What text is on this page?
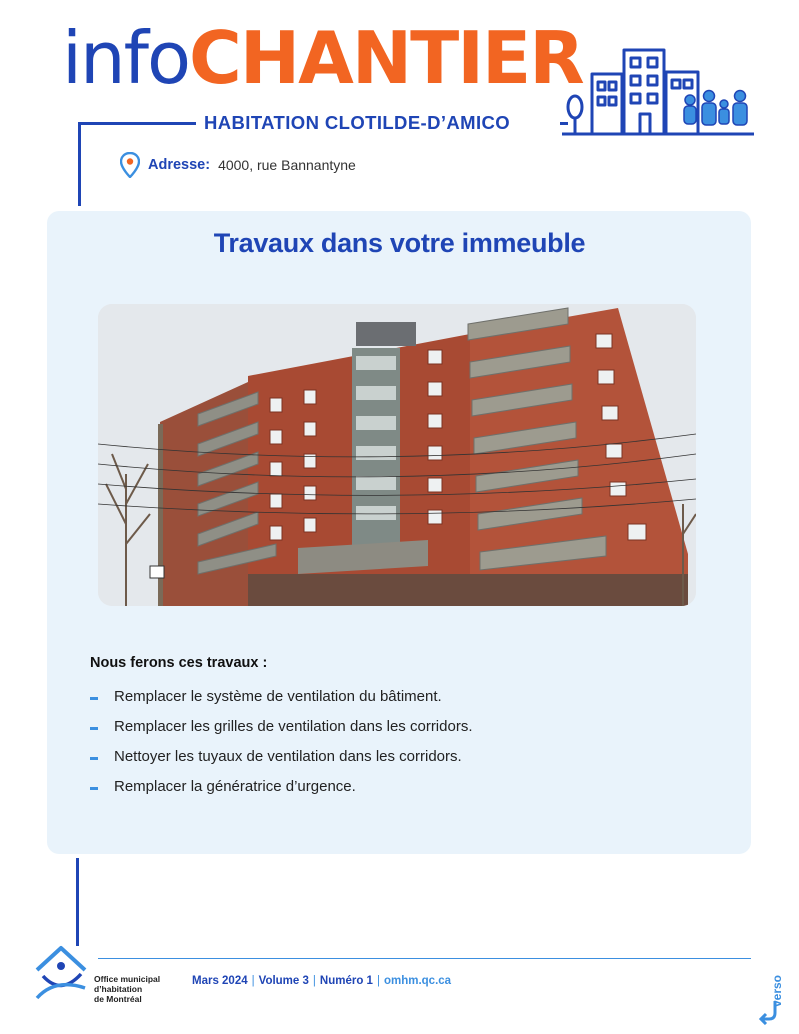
infoCHANTIER
HABITATION CLOTILDE-D’AMICO
Adresse: 4000, rue Bannantyne
Travaux dans votre immeuble
Nous ferons ces travaux :
Remplacer le système de ventilation du bâtiment.
Remplacer les grilles de ventilation dans les corridors.
Nettoyer les tuyaux de ventilation dans les corridors.
Remplacer la génératrice d’urgence.
Office municipal
d’habitation
de Montréal
Mars 2024 | Volume 3 | Numéro 1 | omhm.qc.ca	verso
